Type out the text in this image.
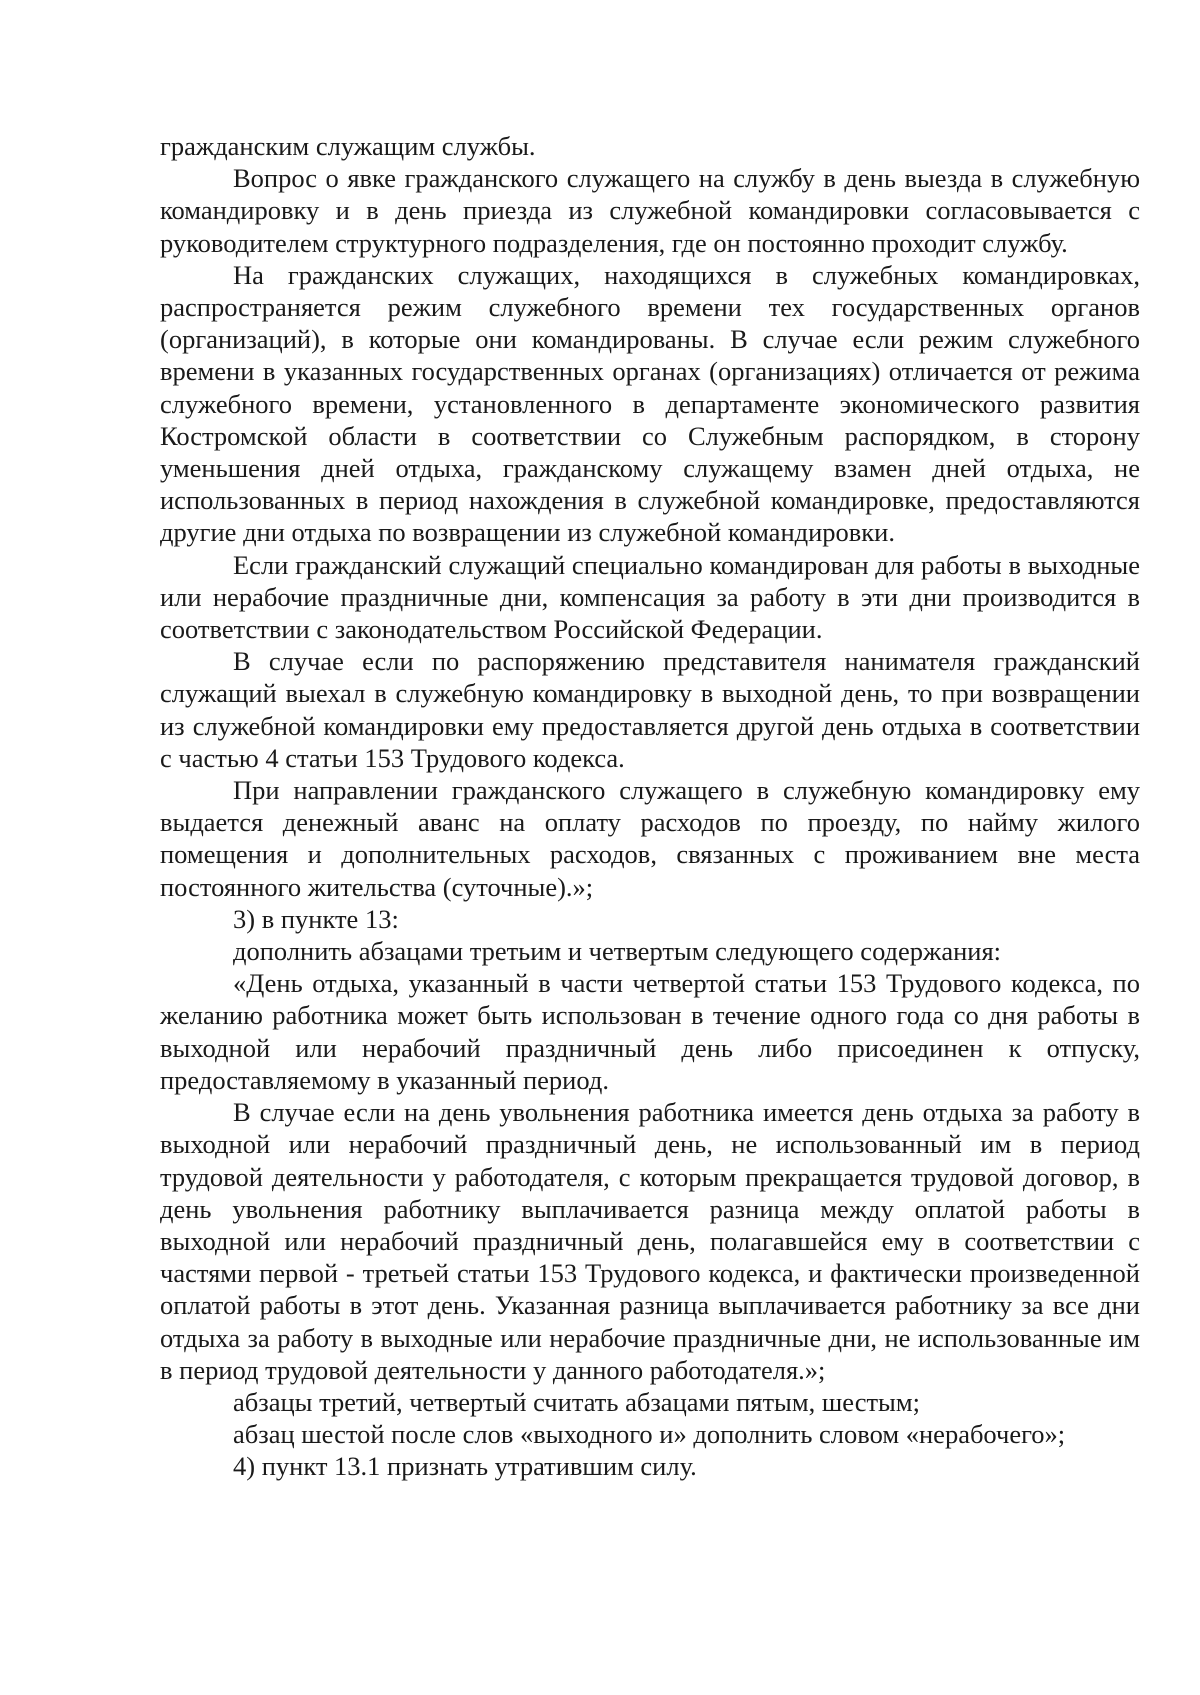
гражданским служащим службы.

Вопрос о явке гражданского служащего на службу в день выезда в служебную командировку и в день приезда из служебной командировки согласовывается с руководителем структурного подразделения, где он постоянно проходит службу.

На гражданских служащих, находящихся в служебных командировках, распространяется режим служебного времени тех государственных органов (организаций), в которые они командированы. В случае если режим служебного времени в указанных государственных органах (организациях) отличается от режима служебного времени, установленного в департаменте экономического развития Костромской области в соответствии со Служебным распорядком, в сторону уменьшения дней отдыха, гражданскому служащему взамен дней отдыха, не использованных в период нахождения в служебной командировке, предоставляются другие дни отдыха по возвращении из служебной командировки.

Если гражданский служащий специально командирован для работы в выходные или нерабочие праздничные дни, компенсация за работу в эти дни производится в соответствии с законодательством Российской Федерации.

В случае если по распоряжению представителя нанимателя гражданский служащий выехал в служебную командировку в выходной день, то при возвращении из служебной командировки ему предоставляется другой день отдыха в соответствии с частью 4 статьи 153 Трудового кодекса.

При направлении гражданского служащего в служебную командировку ему выдается денежный аванс на оплату расходов по проезду, по найму жилого помещения и дополнительных расходов, связанных с проживанием вне места постоянного жительства (суточные).»;

3) в пункте 13:

дополнить абзацами третьим и четвертым следующего содержания:

«День отдыха, указанный в части четвертой статьи 153 Трудового кодекса, по желанию работника может быть использован в течение одного года со дня работы в выходной или нерабочий праздничный день либо присоединен к отпуску, предоставляемому в указанный период.

В случае если на день увольнения работника имеется день отдыха за работу в выходной или нерабочий праздничный день, не использованный им в период трудовой деятельности у работодателя, с которым прекращается трудовой договор, в день увольнения работнику выплачивается разница между оплатой работы в выходной или нерабочий праздничный день, полагавшейся ему в соответствии с частями первой - третьей статьи 153 Трудового кодекса, и фактически произведенной оплатой работы в этот день. Указанная разница выплачивается работнику за все дни отдыха за работу в выходные или нерабочие праздничные дни, не использованные им в период трудовой деятельности у данного работодателя.»;

абзацы третий, четвертый считать абзацами пятым, шестым;

абзац шестой после слов «выходного и» дополнить словом «нерабочего»;

4) пункт 13.1 признать утратившим силу.
